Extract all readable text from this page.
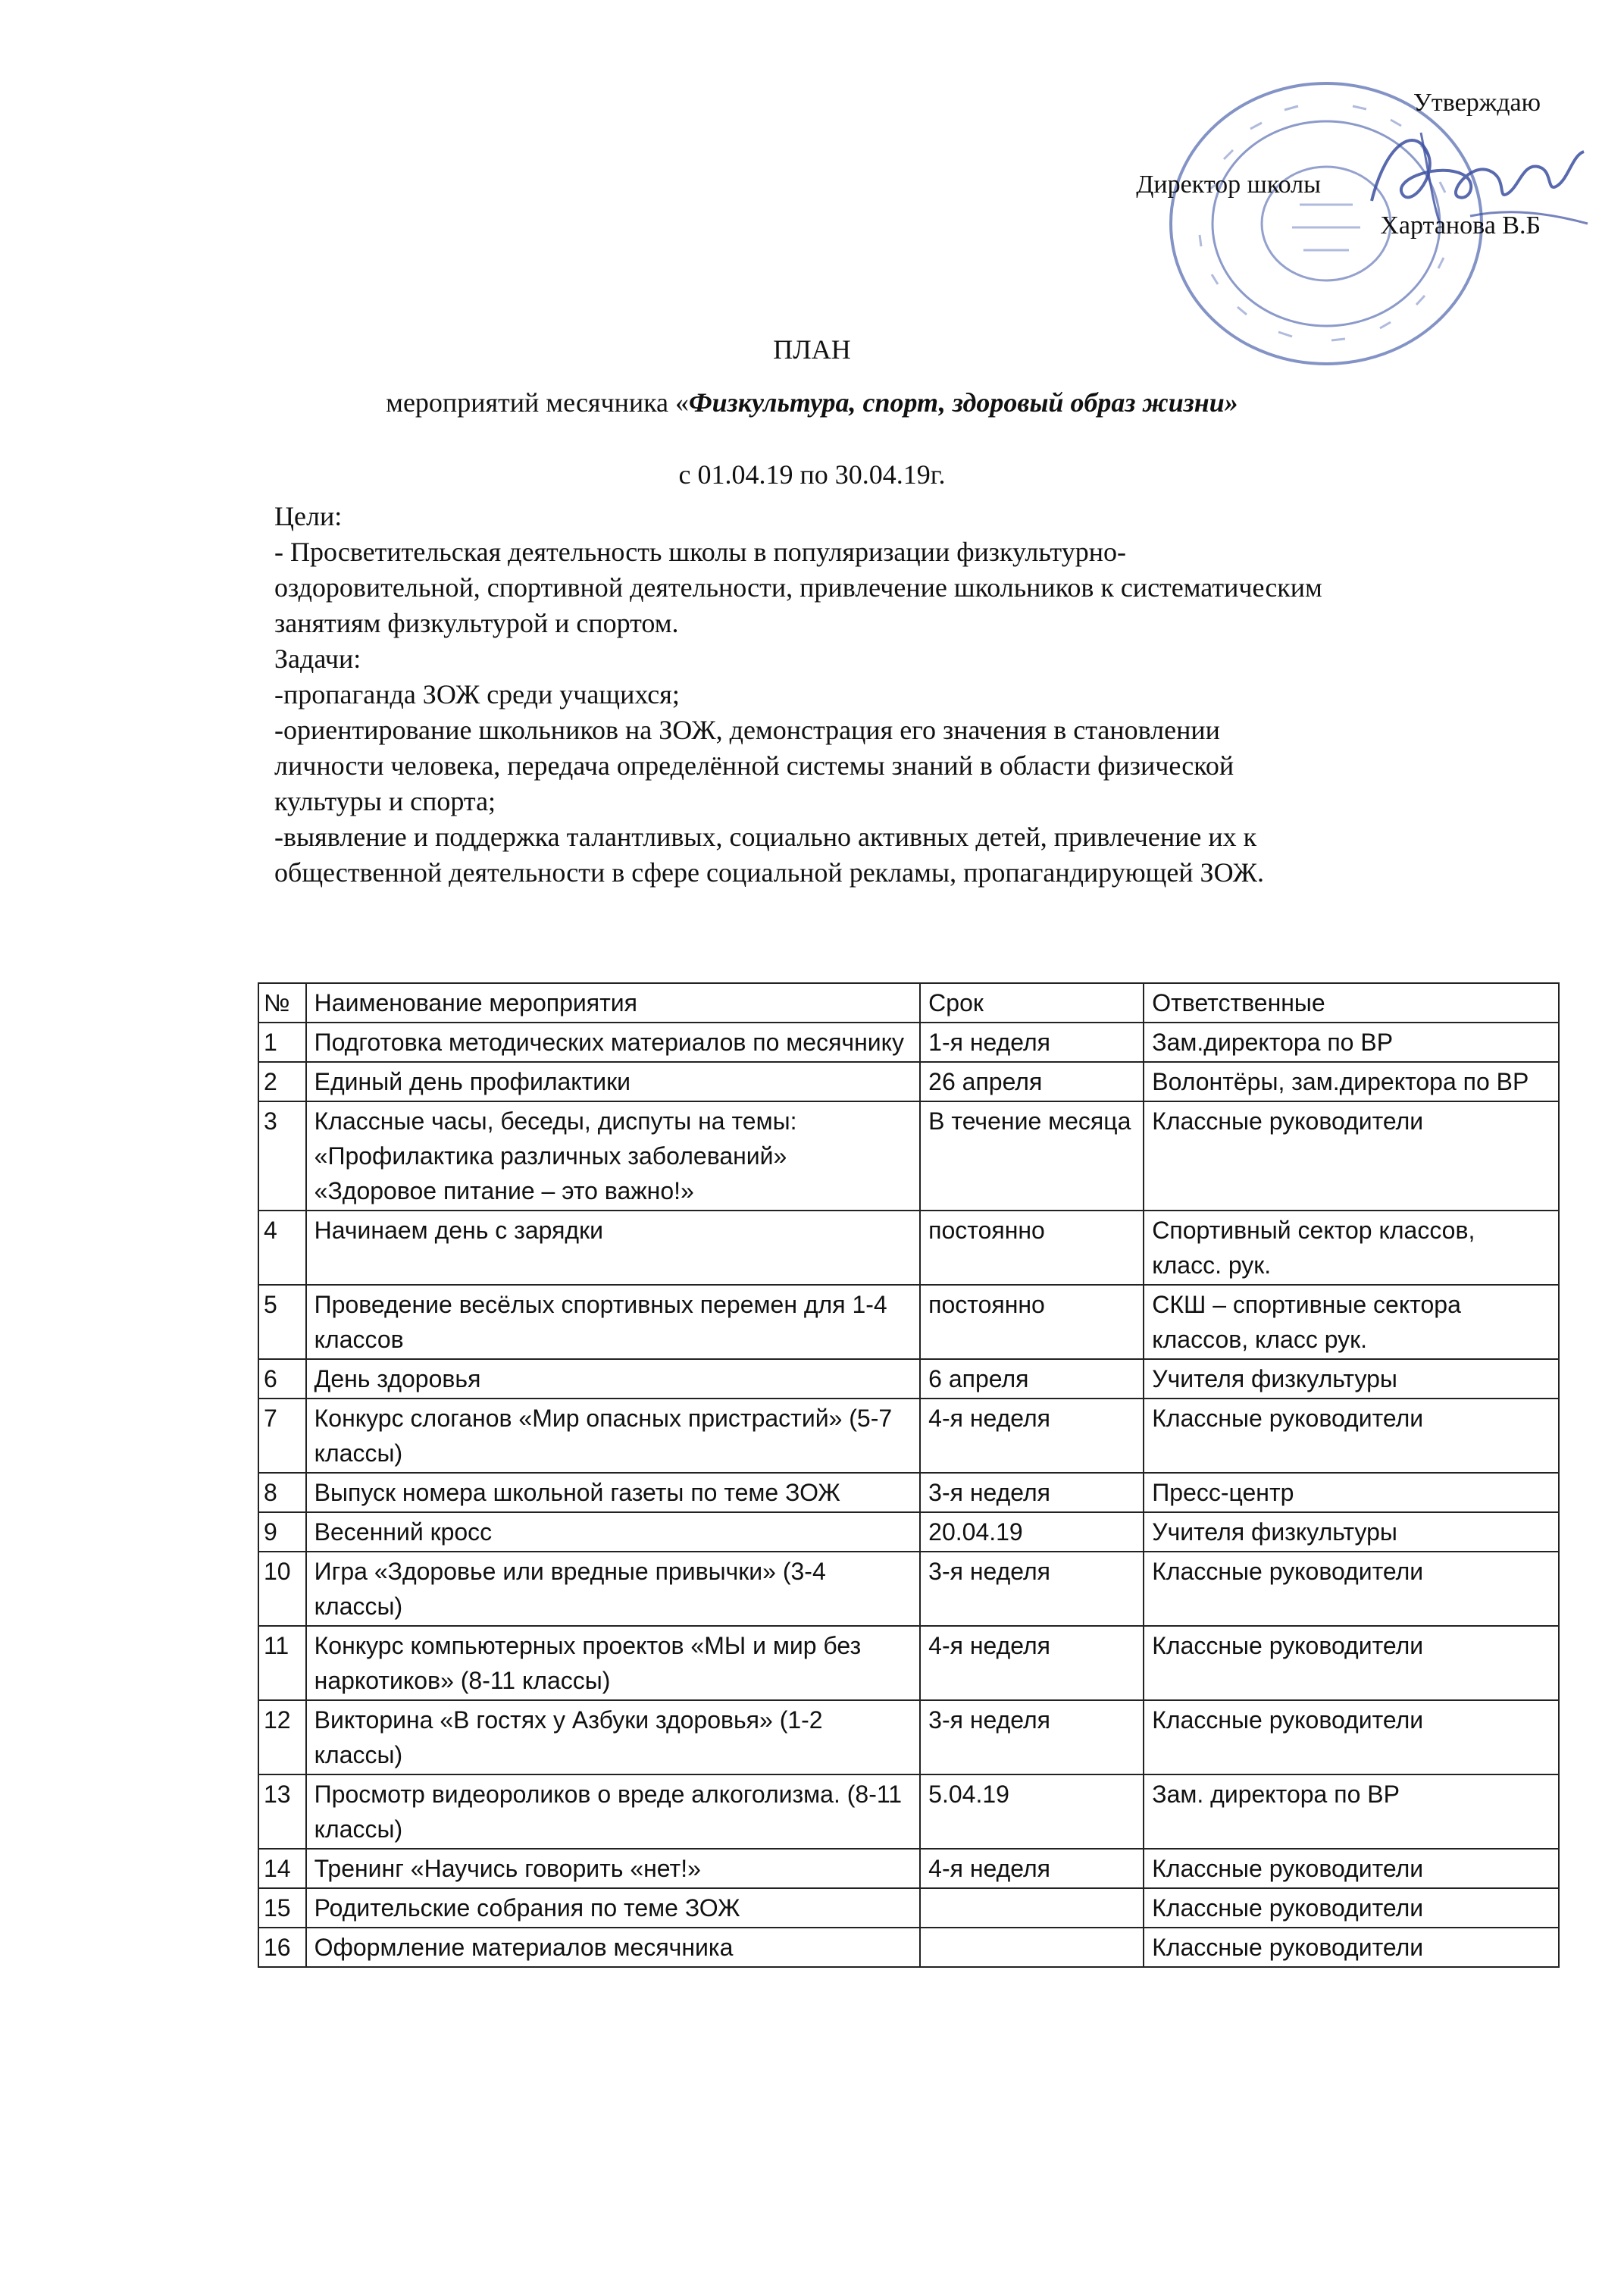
Утверждаю
Директор школы
Хартанова В.Б
ПЛАН
мероприятий месячника «Физкультура, спорт, здоровый образ жизни»
с 01.04.19 по 30.04.19г.

Цели:

- Просветительская деятельность школы в популяризации физкультурно-

оздоровительной, спортивной деятельности, привлечение школьников к систематическим

занятиям физкультурой и спортом.

Задачи:

-пропаганда ЗОЖ среди учащихся;

-ориентирование школьников на ЗОЖ, демонстрация его значения в становлении

личности человека, передача определённой системы знаний в области физической

культуры и спорта;

-выявление и поддержка талантливых, социально активных детей, привлечение их к

общественной деятельности в сфере социальной рекламы, пропагандирующей ЗОЖ.

№	Наименование мероприятия	Срок	Ответственные
1	Подготовка методических материалов по месячнику	1-я неделя	Зам.директора по ВР
2	Единый день профилактики	26 апреля	Волонтёры, зам.директора по ВР
3	Классные часы, беседы, диспуты на темы: «Профилактика различных заболеваний» «Здоровое питание – это важно!»	В течение месяца	Классные руководители
4	Начинаем день с зарядки	постоянно	Спортивный сектор классов, класс. рук.
5	Проведение весёлых спортивных перемен для 1-4 классов	постоянно	СКШ – спортивные сектора классов, класс рук.
6	День здоровья	6 апреля	Учителя физкультуры
7	Конкурс слоганов «Мир опасных пристрастий» (5-7 классы)	4-я неделя	Классные руководители
8	Выпуск номера школьной газеты по теме ЗОЖ	3-я неделя	Пресс-центр
9	Весенний кросс	20.04.19	Учителя физкультуры
10	Игра «Здоровье или вредные привычки» (3-4 классы)	3-я неделя	Классные руководители
11	Конкурс компьютерных проектов «МЫ и мир без наркотиков» (8-11 классы)	4-я неделя	Классные руководители
12	Викторина «В гостях у Азбуки здоровья» (1-2 классы)	3-я неделя	Классные руководители
13	Просмотр видеороликов о вреде алкоголизма. (8-11 классы)	5.04.19	Зам. директора по ВР
14	Тренинг «Научись говорить «нет!»	4-я неделя	Классные руководители
15	Родительские собрания по теме ЗОЖ		Классные руководители
16	Оформление материалов месячника		Классные руководители
